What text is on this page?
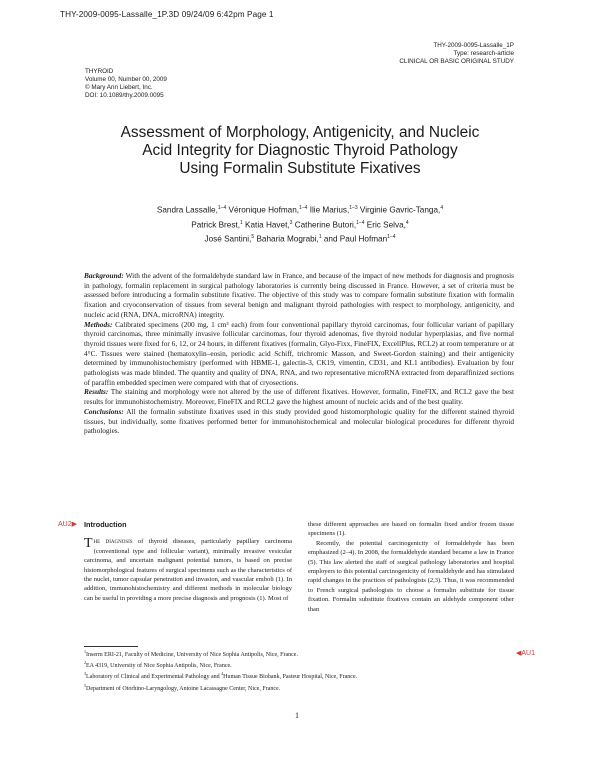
THY-2009-0095-Lassalle_1P.3D 09/24/09 6:42pm Page 1
THYROID
Volume 00, Number 00, 2009
© Mary Ann Liebert, Inc.
DOI: 10.1089/thy.2009.0095
THY-2009-0095-Lassalle_1P
Type: research-article
CLINICAL OR BASIC ORIGINAL STUDY
Assessment of Morphology, Antigenicity, and Nucleic
Acid Integrity for Diagnostic Thyroid Pathology
Using Formalin Substitute Fixatives
Sandra Lassalle,$^{1-4}$ Véronique Hofman,$^{1-4}$ Ilie Marius,$^{1-3}$ Virginie Gavric-Tanga,$^4$
Patrick Brest,$^1$ Katia Havet,$^3$ Catherine Butori,$^{1-4}$ Eric Selva,$^4$
José Santini,$^5$ Baharia Mograbi,$^1$ and Paul Hofman$^{1-4}$

Background: With the advent of the formaldehyde standard law in France, and because of the impact of new methods for diagnosis and prognosis in pathology, formalin replacement in surgical pathology laboratories is currently being discussed in France. However, a set of criteria must be assessed before introducing a formalin substitute fixative. The objective of this study was to compare formalin substitute fixation with formalin fixation and cryoconservation of tissues from several benign and malignant thyroid pathologies with respect to morphology, antigenicity, and nucleic acid (RNA, DNA, microRNA) integrity.

Methods: Calibrated specimens (200 mg, 1 cm³ each) from four conventional papillary thyroid carcinomas, four follicular variant of papillary thyroid carcinomas, three minimally invasive follicular carcinomas, four thyroid adenomas, five thyroid nodular hyperplasias, and five normal thyroid tissues were fixed for 6, 12, or 24 hours, in different fixatives (formalin, Glyo-Fixx, FineFIX, ExcellPlus, RCL2) at room temperature or at 4°C. Tissues were stained (hematoxylin–eosin, periodic acid Schiff, trichromic Masson, and Sweet-Gordon staining) and their antigenicity determined by immunohistochemistry (performed with HBME-1, galectin-3, CK19, vimentin, CD31, and KL1 antibodies). Evaluation by four pathologists was made blinded. The quantity and quality of DNA, RNA, and two representative microRNA extracted from deparaffinized sections of paraffin embedded specimen were compared with that of cryosections.

Results: The staining and morphology were not altered by the use of different fixatives. However, formalin, FineFIX, and RCL2 gave the best results for immunohistochemistry. Moreover, FineFIX and RCL2 gave the highest amount of nucleic acids and of the best quality.

Conclusions: All the formalin substitute fixatives used in this study provided good histomorphologic quality for the different stained thyroid tissues, but individually, some fixatives performed better for immunohistochemical and molecular biological procedures for different thyroid pathologies.

AU2▶ Introduction

The diagnosis of thyroid diseases, particularly papillary carcinoma (conventional type and follicular variant), minimally invasive vesicular carcinoma, and uncertain malignant potential tumors, is based on precise histomorphological features of surgical specimens such as the characteristics of the nuclei, tumor capsular penetration and invasion, and vascular emboli (1). In addition, immunohistochemistry and different methods in molecular biology can be useful in providing a more precise diagnosis and prognosis (1). Most of

these different approaches are based on formalin fixed and/or frozen tissue specimens (1).

Recently, the potential carcinogenicity of formaldehyde has been emphasized (2–4). In 2008, the formaldehyde standard became a law in France (5). This law alerted the staff of surgical pathology laboratories and hospital employers to this potential carcinogenicity of formaldehyde and has stimulated rapid changes in the practices of pathologists (2,3). Thus, it was recommended to French surgical pathologists to choose a formalin substitute for tissue fixation. Formalin substitute fixatives contain an aldehyde component other than

◀AU1
$^1$Inserm ERI-21, Faculty of Medicine, University of Nice Sophia Antipolis, Nice, France.
$^2$EA 4319, University of Nice Sophia Antipolis, Nice, France.
$^3$Laboratory of Clinical and Experimental Pathology and $^4$Human Tissue Biobank, Pasteur Hospital, Nice, France.
$^5$Department of Otorhino-Laryngology, Antoine Lacassagne Center, Nice, France.
1
